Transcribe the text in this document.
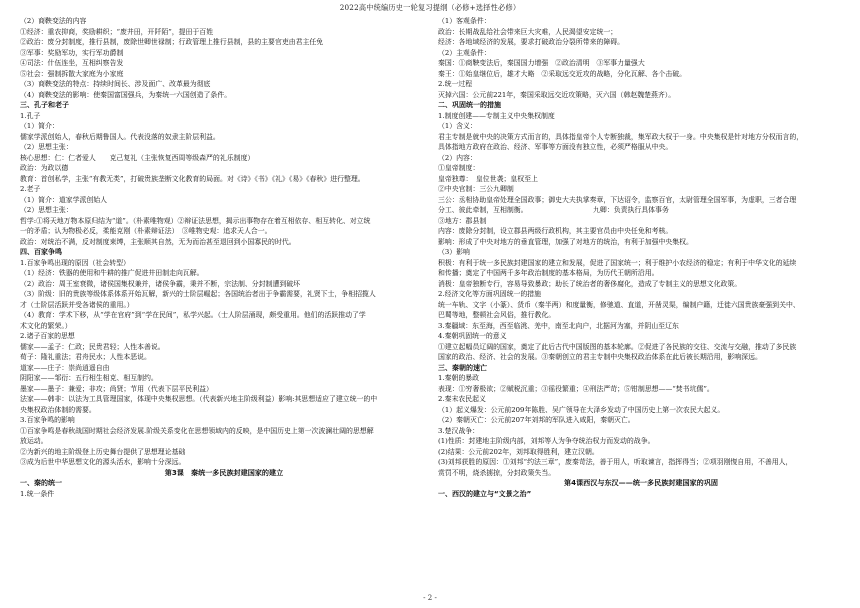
2022高中统编历史一轮复习提纲（必修+选择性必修）
（2）商鞅变法的内容
①经济：重农抑商，奖励耕织；“废井田，开阡陌”，提田于百姓
②政治：废分封制度，推行县制，废除世卿世禄制；行政管理上推行县制，县的主要官吏由君主任免
③军事：奖励军功，实行军功爵制
④司法：什伍连坐，互相纠察告发
⑤社会：强制拆散大家庭为小家庭
（3）商鞅变法的特点：持续时间长、涉及面广、改革最为彻底
（4）商鞅变法的影响：使秦国富国强兵，为秦统一六国创造了条件。
三、孔子和老子
1.孔子
（1）简介：
儒家学派创始人，春秋后期鲁国人。代表没落的奴隶主阶层利益。
（2）思想主张：
核心思想：仁：仁者爱人　　克己复礼（主张恢复西周等级森严的礼乐制度）
政治：为政以德
教育：首创私学，主张“有教无类”，打破贵族垄断文化教育的局面。对《诗》《书》《礼》《易》《春秋》进行整理。
2.老子
（1）简介：道家学派创始人
（2）思想主张：
哲学:①将天地万物本原归结为“道”。（朴素唯物观）②辩证法思想，揭示出事物存在着互相依存、相互转化、对立统
一的矛盾；认为物极必反，柔能克刚（朴素辩证法）　③唯物史观：追求天人合一。
政治：对统治不满，反对制度束缚，主张顺其自然，无为而治甚至退回到小国寡民的时代。
四、百家争鸣
1.百家争鸣出现的原因（社会转型）
（1）经济：铁器的使用和牛耕的推广促进井田制走向瓦解。
（2）政治：周王室衰微，诸侯国集权兼并，诸侯争霸，秉并不断，宗法制、分封制遭到破坏
（3）阶级：旧的贵族等级体系体系开始瓦解，新兴的士阶层崛起；各国统治者出于争霸需要，礼贤下士，争相招揽人
才（士阶层活跃并受各诸侯的重用。）
（4）教育：学术下移，从“学在官府”到“学在民间”，私学兴起。（士人阶层涌现，颇受重用。他们的活跃推动了学
术文化的繁荣。）
2.诸子百家的思想
儒家——孟子：仁政；民贵君轻；人性本善说。
荀子：隆礼重法；君舟民水；人性本恶说。
道家——庄子：崇尚逍遥自由
阴阳家——邹衍：五行相生相克、相互制约。
墨家——墨子：兼爱；非攻；尚贤；节用（代表下层平民利益）
法家——韩非：以法为工具管理国家，体现中央集权思想。（代表新兴地主阶级利益）影响:其思想适应了建立统一的中
央集权政治体制的需要。
3.百家争鸣的影响
①百家争鸣是春秋战国时期社会经济发展.阶级关系变化在思想领域内的反映，是中国历史上第一次波澜壮阔的思想解
放运动。
②为新兴的地主阶级登上历史舞台提供了思想理论基础
③成为后世中华思想文化的源头活水，影响十分深远。
第3课　秦统一多民族封建国家的建立
一、秦的统一
1.统一条件
（1）客观条件：
政治：长期战乱给社会带来巨大灾难，人民渴望安定统一；
经济：各地域经济的发展，要求打破政治分裂所带来的障碍。
（2）主观条件：
秦国：①商鞅变法后，秦国国力增强　②政治清明　③军事力量强大
秦王：①始皇继位后，雄才大略　②采取远交近攻的战略，分化瓦解、各个击破。
2.统一过程
灭掉六国：公元前221年，秦国采取远交近攻策略，灭六国（韩赵魏楚燕齐）。
二、巩固统一的措施
1.制度创建——专制主义中央集权制度
（1）含义：
君主专制是就中央的决策方式而言的，具体指皇帝个人专断独裁，集军政大权于一身。中央集权是针对地方分权而言的，
具体指地方政府在政治、经济、军事等方面没有独立性，必须严格服从中央。
（2）内容：
①皇帝制度：
皇帝独尊：　皇位世袭；皇权至上
②中央官制：三公九卿制
三公：丞相协助皇帝处理全国政事；御史大夫执掌奏章，下达诏令，监察百官，太尉管理全国军事，为虚职，三者合理
分工、彼此牵制，互相制衡。　　　　　　　　　　九卿：负责执行具体事务
③地方：郡县制
内容：废除分封制，设立郡县两级行政机构，其主要官员由中央任免和考核。
影响：形成了中央对地方的垂直管理，加强了对地方的统治，有利于加强中央集权。
（3）影响
积极：有利于统一多民族封建国家的建立和发展，促进了国家统一；利于维护小农经济的稳定；有利于中华文化的延续
和传播；奠定了中国两千多年政治制度的基本格局，为历代王朝所沿用。
消极：皇帝独断专行，容易导致暴政；助长了统治者的奢侈腐化，造成了专制主义的思想文化政策。
2.经济文化等方面巩固统一的措施
统一车轨、文字（小篆）、货币（秦半两）和度量衡，修驰道、直道，开凿灵渠，编制户籍，迁徙六国贵族豪强到关中、
巴蜀等地，整顿社会风俗，推行教化。
3.秦疆域：东至海，西至临洮、羌中，南至北向户，北据河为塞，并阴山至辽东
4.秦朝巩固统一的意义
①建立起幅员辽阔的国家，奠定了此后古代中国版图的基本轮廓。②促进了各民族的交往、交流与交融，推动了多民族
国家的政治、经济、社会的发展。③秦朝创立的君主专制中央集权政治体系在此后被长期沿用，影响深远。
三、秦朝的速亡
1.秦朝的暴政
表现：①穷奢极欲；②赋税沉重；③徭役繁重；④刑法严苛；⑤钳制思想——“焚书坑儒”。
2.秦末农民起义
（1）起义爆发：公元前209年陈胜、吴广领导在大泽乡发动了中国历史上第一次农民大起义。
（2）秦朝灭亡：公元前207年刘邦的军队进入咸阳，秦朝灭亡。
3.楚汉战争：
(1)性质：封建地主阶级内部，刘邦等人为争夺统治权力而发动的战争。
(2)结果：公元前202年，刘邦取得胜利，建立汉朝。
(3)刘邦获胜的原因：①刘邦“约法三章”，废秦苛法，善于用人，听取谏言，指挥得当；②项羽刚愎自用，不善用人，
赏罚不明，烧杀掳掠，分封政策失当。
第4课西汉与东汉——统一多民族封建国家的巩固
一、西汉的建立与“文景之治”
- 2 -
